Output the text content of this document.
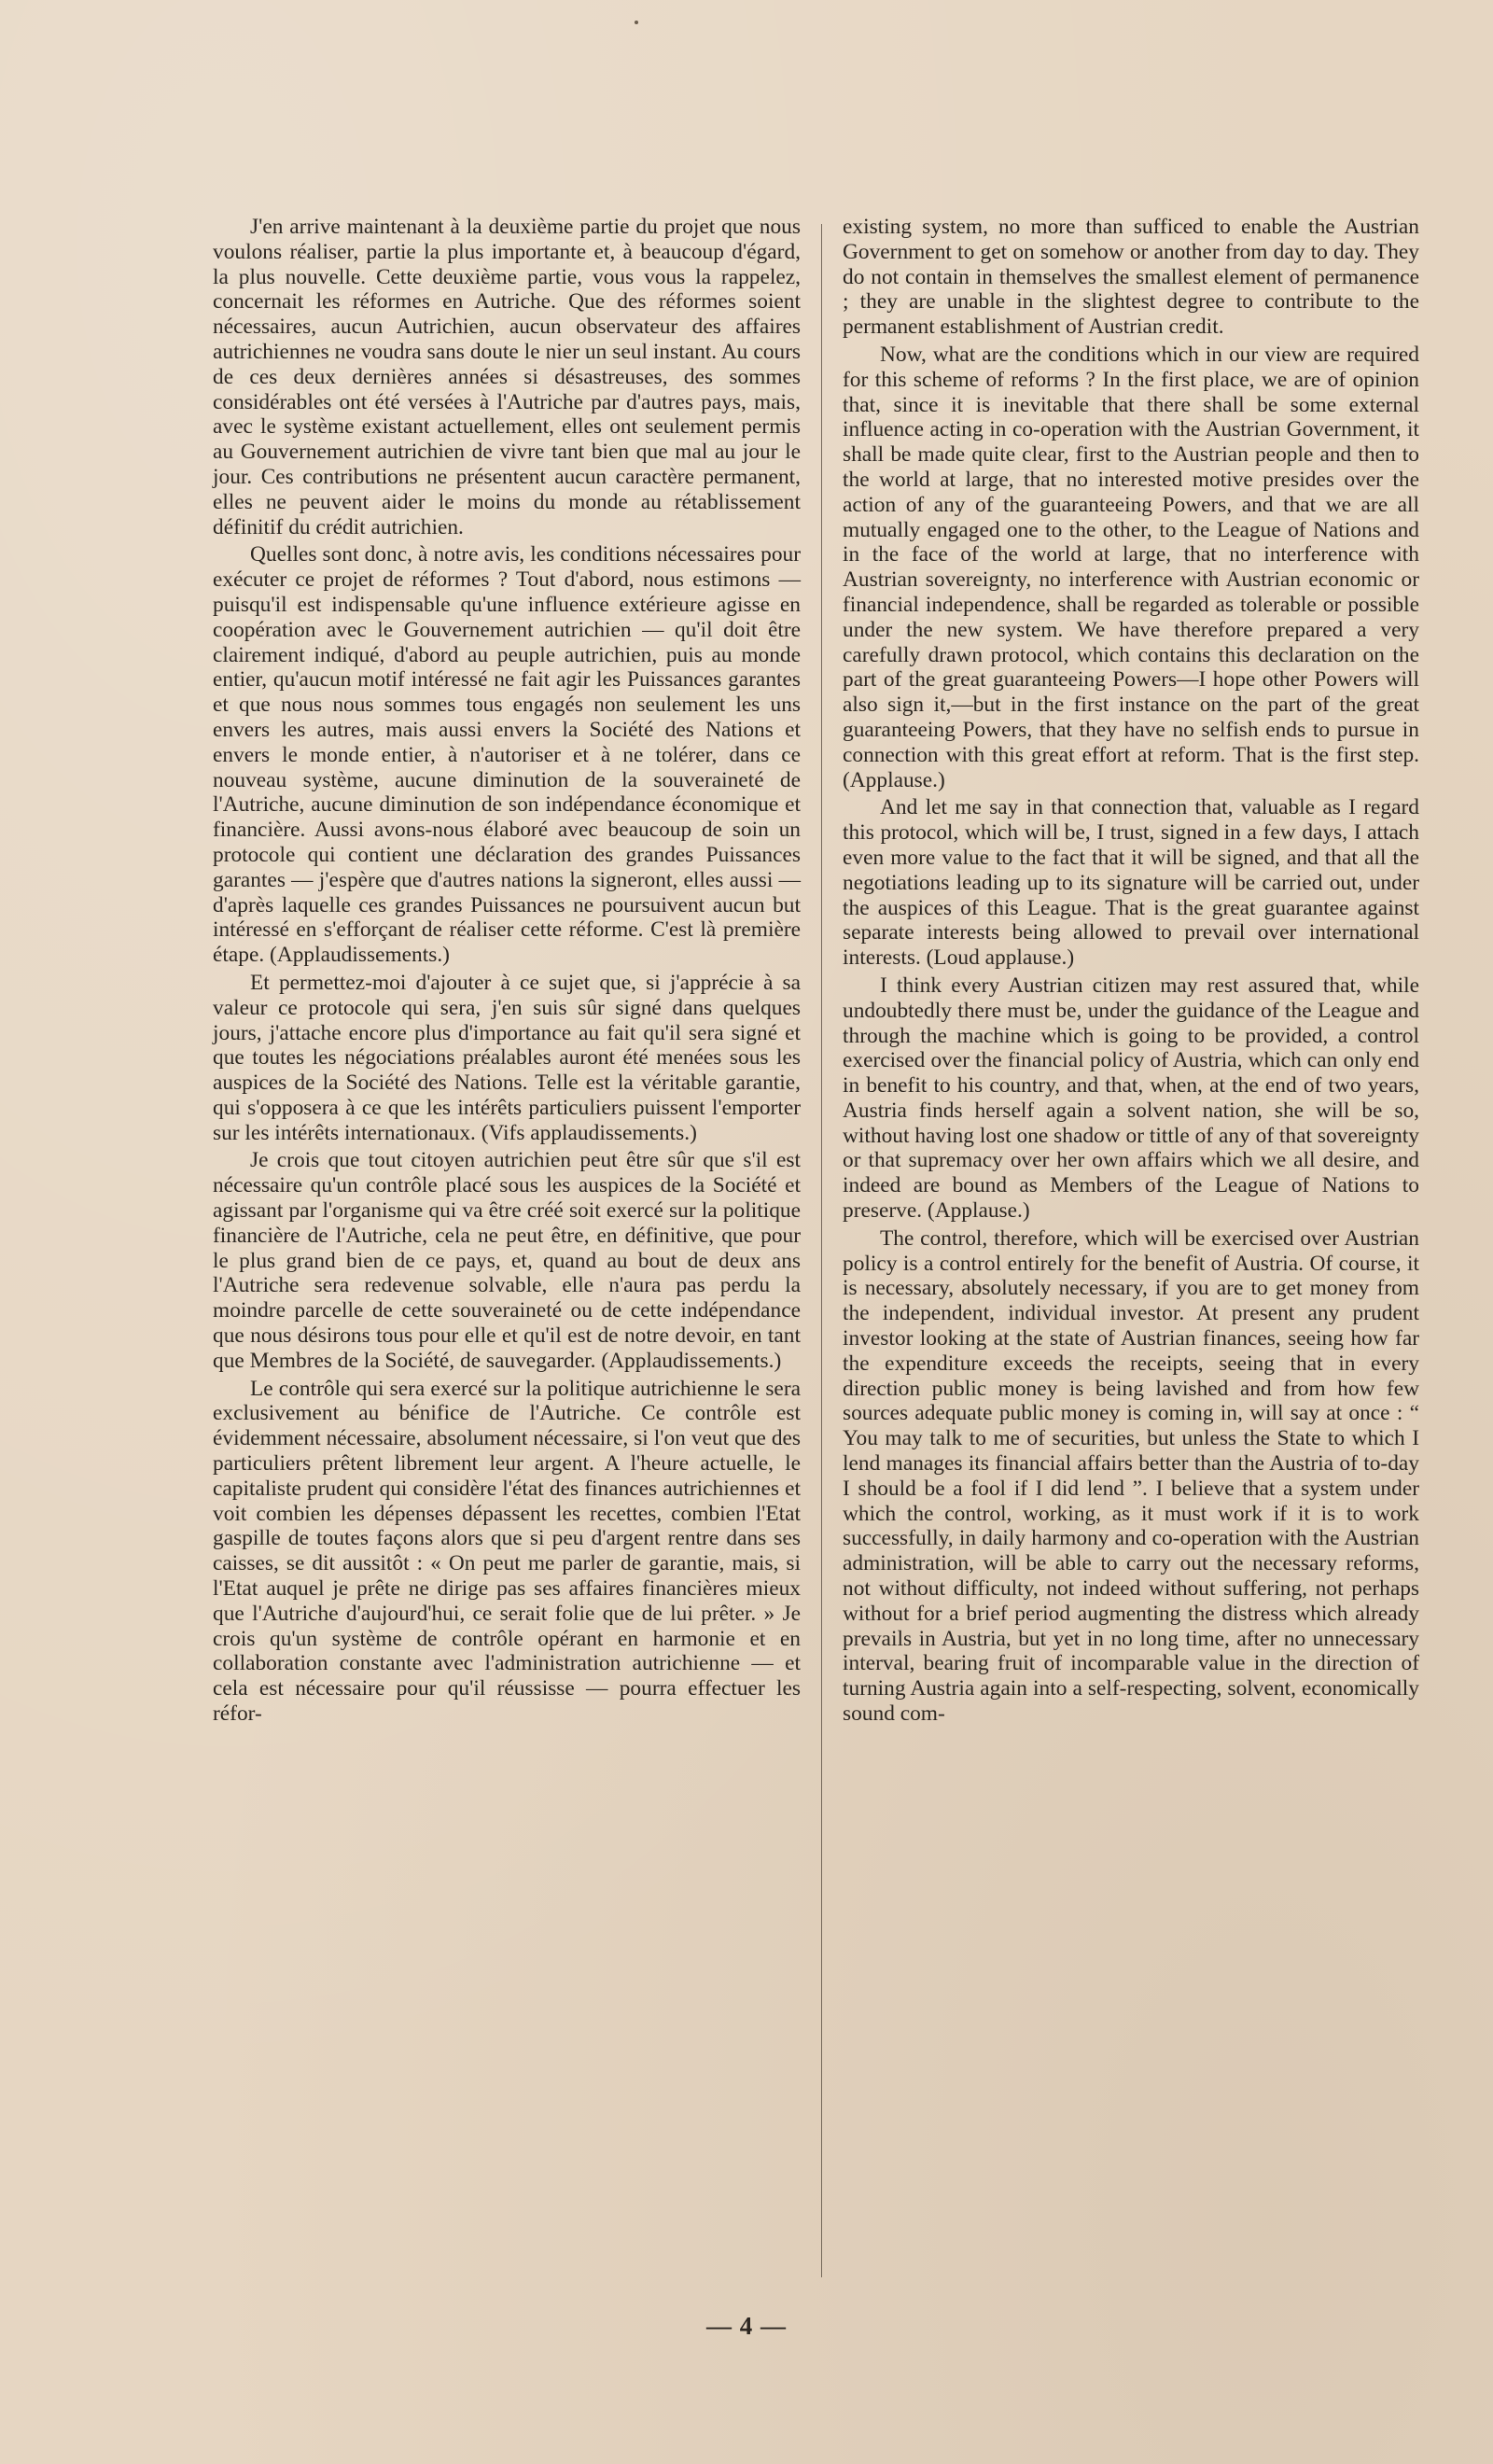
J'en arrive maintenant à la deuxième partie du projet que nous voulons réaliser, partie la plus importante et, à beaucoup d'égard, la plus nouvelle. Cette deuxième partie, vous vous la rappelez, concernait les réformes en Autriche. Que des réformes soient nécessaires, aucun Autrichien, aucun observateur des affaires autrichiennes ne voudra sans doute le nier un seul instant. Au cours de ces deux dernières années si désastreuses, des sommes considérables ont été versées à l'Autriche par d'autres pays, mais, avec le système existant actuellement, elles ont seulement permis au Gouvernement autrichien de vivre tant bien que mal au jour le jour. Ces contributions ne présentent aucun caractère permanent, elles ne peuvent aider le moins du monde au rétablissement définitif du crédit autrichien.

Quelles sont donc, à notre avis, les conditions nécessaires pour exécuter ce projet de réformes ? Tout d'abord, nous estimons — puisqu'il est indispensable qu'une influence extérieure agisse en coopération avec le Gouvernement autrichien — qu'il doit être clairement indiqué, d'abord au peuple autrichien, puis au monde entier, qu'aucun motif intéressé ne fait agir les Puissances garantes et que nous nous sommes tous engagés non seulement les uns envers les autres, mais aussi envers la Société des Nations et envers le monde entier, à n'autoriser et à ne tolérer, dans ce nouveau système, aucune diminution de la souveraineté de l'Autriche, aucune diminution de son indépendance économique et financière. Aussi avons-nous élaboré avec beaucoup de soin un protocole qui contient une déclaration des grandes Puissances garantes — j'espère que d'autres nations la signeront, elles aussi — d'après laquelle ces grandes Puissances ne poursuivent aucun but intéressé en s'efforçant de réaliser cette réforme. C'est là première étape. (Applaudissements.)

Et permettez-moi d'ajouter à ce sujet que, si j'apprécie à sa valeur ce protocole qui sera, j'en suis sûr signé dans quelques jours, j'attache encore plus d'importance au fait qu'il sera signé et que toutes les négociations préalables auront été menées sous les auspices de la Société des Nations. Telle est la véritable garantie, qui s'opposera à ce que les intérêts particuliers puissent l'emporter sur les intérêts internationaux. (Vifs applaudissements.)

Je crois que tout citoyen autrichien peut être sûr que s'il est nécessaire qu'un contrôle placé sous les auspices de la Société et agissant par l'organisme qui va être créé soit exercé sur la politique financière de l'Autriche, cela ne peut être, en définitive, que pour le plus grand bien de ce pays, et, quand au bout de deux ans l'Autriche sera redevenue solvable, elle n'aura pas perdu la moindre parcelle de cette souveraineté ou de cette indépendance que nous désirons tous pour elle et qu'il est de notre devoir, en tant que Membres de la Société, de sauvegarder. (Applaudissements.)

Le contrôle qui sera exercé sur la politique autrichienne le sera exclusivement au bénifice de l'Autriche. Ce contrôle est évidemment nécessaire, absolument nécessaire, si l'on veut que des particuliers prêtent librement leur argent. A l'heure actuelle, le capitaliste prudent qui considère l'état des finances autrichiennes et voit combien les dépenses dépassent les recettes, combien l'Etat gaspille de toutes façons alors que si peu d'argent rentre dans ses caisses, se dit aussitôt : « On peut me parler de garantie, mais, si l'Etat auquel je prête ne dirige pas ses affaires financières mieux que l'Autriche d'aujourd'hui, ce serait folie que de lui prêter. » Je crois qu'un système de contrôle opérant en harmonie et en collaboration constante avec l'administration autrichienne — et cela est nécessaire pour qu'il réussisse — pourra effectuer les réfor-

existing system, no more than sufficed to enable the Austrian Government to get on somehow or another from day to day. They do not contain in themselves the smallest element of permanence ; they are unable in the slightest degree to contribute to the permanent establishment of Austrian credit.

Now, what are the conditions which in our view are required for this scheme of reforms ? In the first place, we are of opinion that, since it is inevitable that there shall be some external influence acting in co-operation with the Austrian Government, it shall be made quite clear, first to the Austrian people and then to the world at large, that no interested motive presides over the action of any of the guaranteeing Powers, and that we are all mutually engaged one to the other, to the League of Nations and in the face of the world at large, that no interference with Austrian sovereignty, no interference with Austrian economic or financial independence, shall be regarded as tolerable or possible under the new system. We have therefore prepared a very carefully drawn protocol, which contains this declaration on the part of the great guaranteeing Powers—I hope other Powers will also sign it,—but in the first instance on the part of the great guaranteeing Powers, that they have no selfish ends to pursue in connection with this great effort at reform. That is the first step. (Applause.)

And let me say in that connection that, valuable as I regard this protocol, which will be, I trust, signed in a few days, I attach even more value to the fact that it will be signed, and that all the negotiations leading up to its signature will be carried out, under the auspices of this League. That is the great guarantee against separate interests being allowed to prevail over international interests. (Loud applause.)

I think every Austrian citizen may rest assured that, while undoubtedly there must be, under the guidance of the League and through the machine which is going to be provided, a control exercised over the financial policy of Austria, which can only end in benefit to his country, and that, when, at the end of two years, Austria finds herself again a solvent nation, she will be so, without having lost one shadow or tittle of any of that sovereignty or that supremacy over her own affairs which we all desire, and indeed are bound as Members of the League of Nations to preserve. (Applause.)

The control, therefore, which will be exercised over Austrian policy is a control entirely for the benefit of Austria. Of course, it is necessary, absolutely necessary, if you are to get money from the independent, individual investor. At present any prudent investor looking at the state of Austrian finances, seeing how far the expenditure exceeds the receipts, seeing that in every direction public money is being lavished and from how few sources adequate public money is coming in, will say at once : “ You may talk to me of securities, but unless the State to which I lend manages its financial affairs better than the Austria of to-day I should be a fool if I did lend ”. I believe that a system under which the control, working, as it must work if it is to work successfully, in daily harmony and co-operation with the Austrian administration, will be able to carry out the necessary reforms, not without difficulty, not indeed without suffering, not perhaps without for a brief period augmenting the distress which already prevails in Austria, but yet in no long time, after no unnecessary interval, bearing fruit of incomparable value in the direction of turning Austria again into a self-respecting, solvent, economically sound com-

— 4 —
